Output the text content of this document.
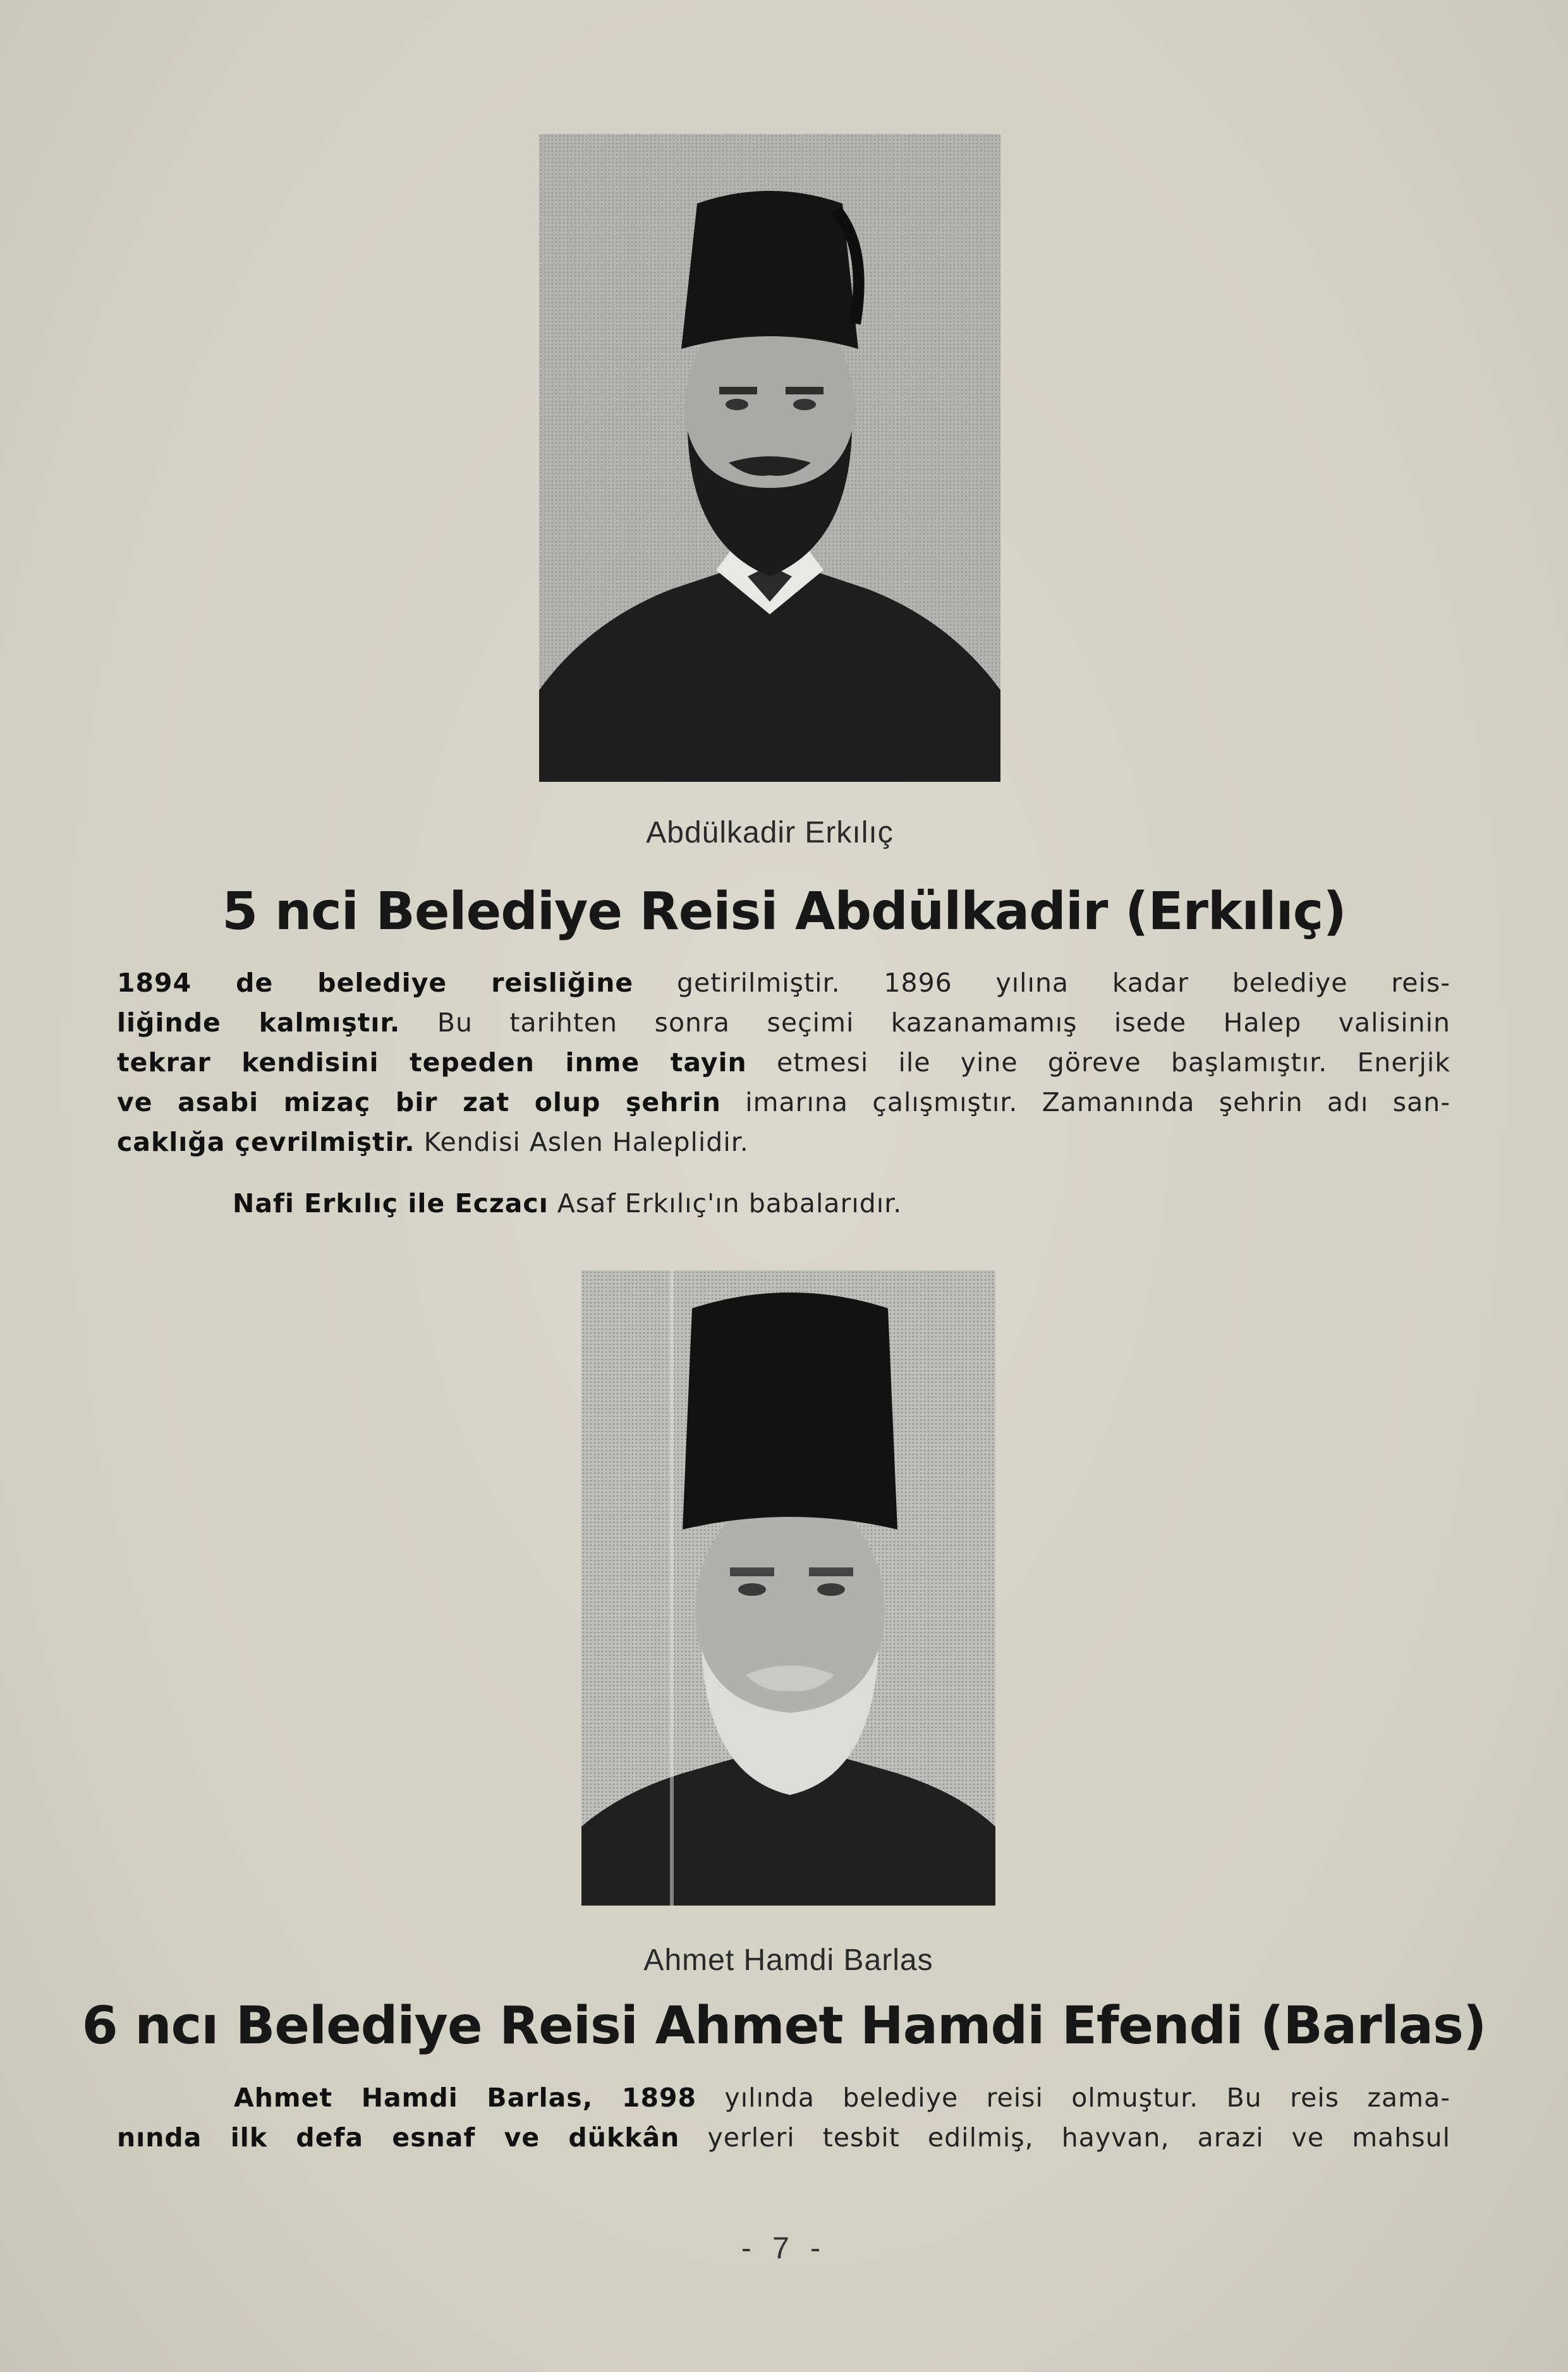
Abdülkadir Erkılıç
5 nci Belediye Reisi Abdülkadir (Erkılıç)
1894 de belediye reisliğine getirilmiştir. 1896 yılına kadar belediye reis-
liğinde kalmıştır. Bu tarihten sonra seçimi kazanamamış isede Halep valisinin
tekrar kendisini tepeden inme tayin etmesi ile yine göreve başlamıştır. Enerjik
ve asabi mizaç bir zat olup şehrin imarına çalışmıştır. Zamanında şehrin adı san-
caklığa çevrilmiştir. Kendisi Aslen Haleplidir.
Nafi Erkılıç ile Eczacı Asaf Erkılıç'ın babalarıdır.
Ahmet Hamdi Barlas
6 ncı Belediye Reisi Ahmet Hamdi Efendi (Barlas)
Ahmet Hamdi Barlas, 1898 yılında belediye reisi olmuştur. Bu reis zama-
nında ilk defa esnaf ve dükkân yerleri tesbit edilmiş, hayvan, arazi ve mahsul
- 7 -
